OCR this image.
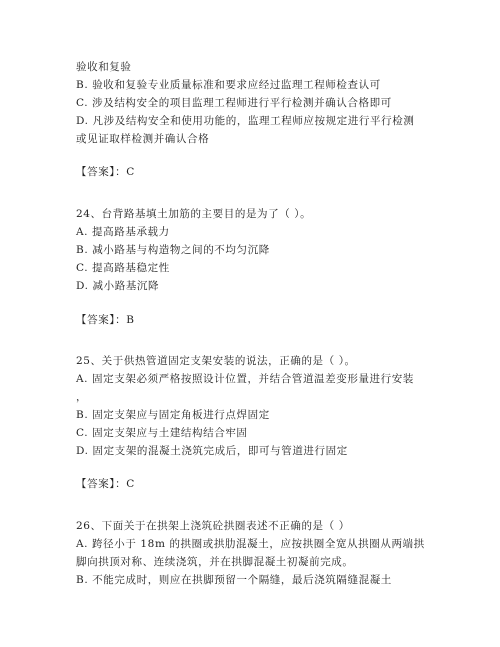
验收和复验
B. 验收和复验专业质量标准和要求应经过监理工程师检查认可
C. 涉及结构安全的项目监理工程师进行平行检测并确认合格即可
D. 凡涉及结构安全和使用功能的，监理工程师应按规定进行平行检测
或见证取样检测并确认合格
【答案】：C
24、台背路基填土加筋的主要目的是为了（ ）。
A. 提高路基承载力
B. 减小路基与构造物之间的不均匀沉降
C. 提高路基稳定性
D. 减小路基沉降
【答案】：B
25、关于供热管道固定支架安装的说法，正确的是（ ）。
A. 固定支架必须严格按照设计位置，并结合管道温差变形量进行安装
，
B. 固定支架应与固定角板进行点焊固定
C. 固定支架应与土建结构结合牢固
D. 固定支架的混凝土浇筑完成后，即可与管道进行固定
【答案】：C
26、下面关于在拱架上浇筑砼拱圈表述不正确的是（ ）
A. 跨径小于 18m 的拱圈或拱肋混凝土，应按拱圈全宽从拱圈从两端拱
脚向拱顶对称、连续浇筑，并在拱脚混凝土初凝前完成。
B. 不能完成时，则应在拱脚预留一个隔缝，最后浇筑隔缝混凝土
